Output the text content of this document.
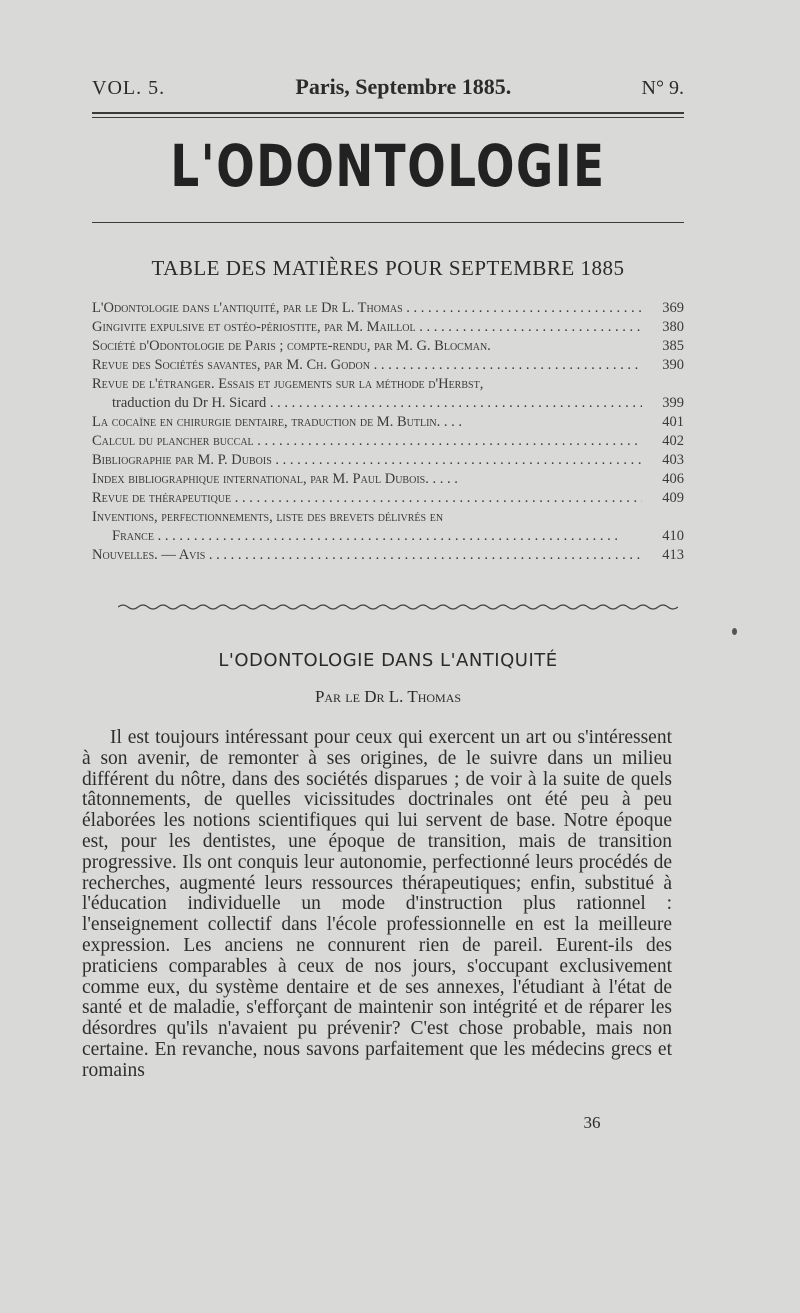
VOL. 5.	Paris, Septembre 1885.	N° 9.
L'ODONTOLOGIE
TABLE DES MATIÈRES POUR SEPTEMBRE 1885
L'Odontologie dans l'antiquité, par le Dr L. Thomas . . .	369
Gingivite expulsive et ostéo-périostite, par M. Maillol . . .	380
Société d'Odontologie de Paris ; compte-rendu, par M. G. Blocman.	385
Revue des Sociétés savantes, par M. Ch. Godon . . .	390
Revue de l'étranger. Essais et jugements sur la méthode d'Herbst,
traduction du Dr H. Sicard . . .	399
La cocaïne en chirurgie dentaire, traduction de M. Butlin. . . .	401
Calcul du plancher buccal . . .	402
Bibliographie par M. P. Dubois . . .	403
Index bibliographique international, par M. Paul Dubois. . . . .	406
Revue de thérapeutique . . .	409
Inventions, perfectionnements, liste des brevets délivrés en
France . . .	410
Nouvelles. — Avis . . .	413
L'ODONTOLOGIE DANS L'ANTIQUITÉ
Par le Dr L. Thomas

Il est toujours intéressant pour ceux qui exercent un art ou s'intéressent à son avenir, de remonter à ses origines, de le suivre dans un milieu différent du nôtre, dans des sociétés disparues ; de voir à la suite de quels tâtonnements, de quelles vicissitudes doctrinales ont été peu à peu élaborées les notions scientifiques qui lui servent de base. Notre époque est, pour les dentistes, une époque de transition, mais de transition progressive. Ils ont conquis leur autonomie, perfectionné leurs procédés de recherches, augmenté leurs ressources thérapeutiques; enfin, substitué à l'éducation individuelle un mode d'instruction plus rationnel : l'enseignement collectif dans l'école professionnelle en est la meilleure expression. Les anciens ne connurent rien de pareil. Eurent-ils des praticiens comparables à ceux de nos jours, s'occupant exclusivement comme eux, du système dentaire et de ses annexes, l'étudiant à l'état de santé et de maladie, s'efforçant de maintenir son intégrité et de réparer les désordres qu'ils n'avaient pu prévenir? C'est chose probable, mais non certaine. En revanche, nous savons parfaitement que les médecins grecs et romains

36
